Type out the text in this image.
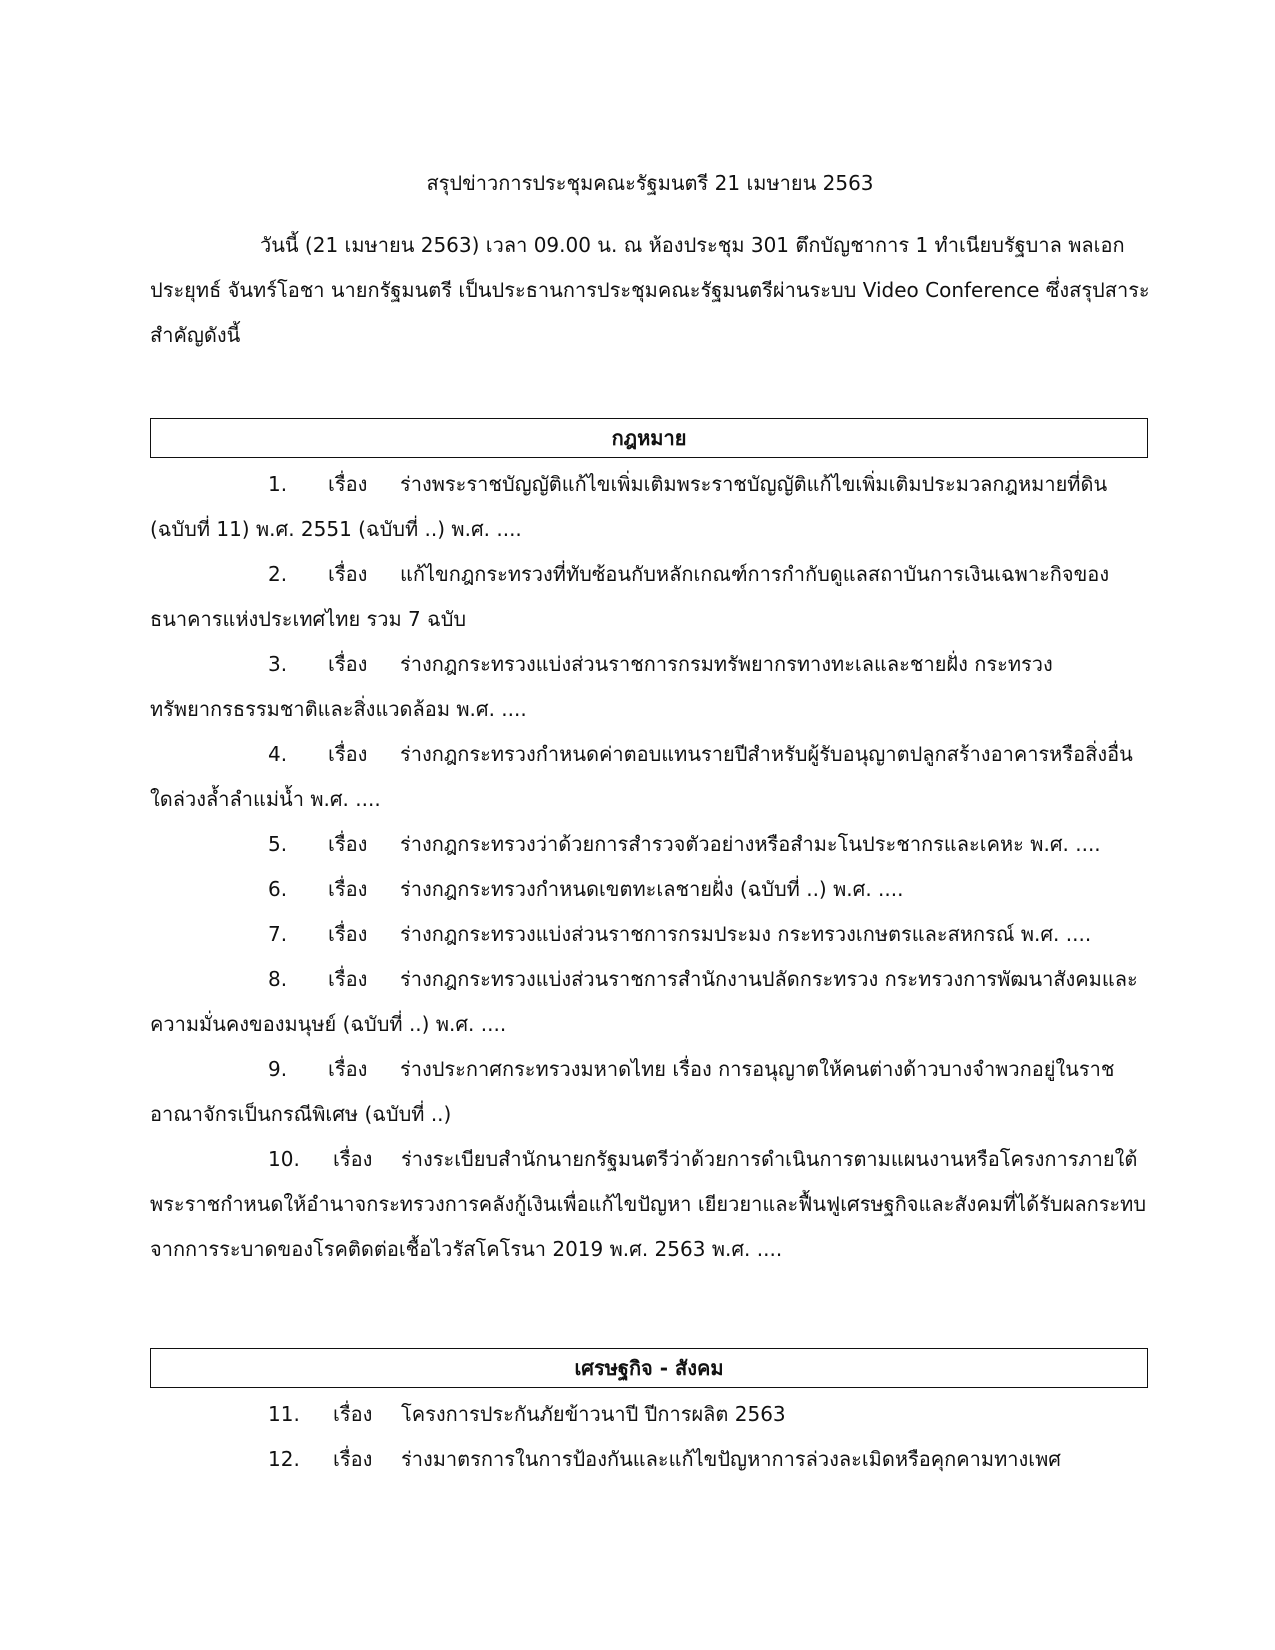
สรุปข่าวการประชุมคณะรัฐมนตรี 21 เมษายน 2563
วันนี้ (21 เมษายน 2563) เวลา 09.00 น. ณ ห้องประชุม 301 ตึกบัญชาการ 1 ทำเนียบรัฐบาล พลเอก ประยุทธ์ จันทร์โอชา นายกรัฐมนตรี เป็นประธานการประชุมคณะรัฐมนตรีผ่านระบบ Video Conference ซึ่งสรุปสาระสำคัญดังนี้
กฎหมาย
1. เรื่อง ร่างพระราชบัญญัติแก้ไขเพิ่มเติมพระราชบัญญัติแก้ไขเพิ่มเติมประมวลกฎหมายที่ดิน (ฉบับที่ 11) พ.ศ. 2551 (ฉบับที่ ..) พ.ศ. ....
2. เรื่อง แก้ไขกฎกระทรวงที่ทับซ้อนกับหลักเกณฑ์การกำกับดูแลสถาบันการเงินเฉพาะกิจของธนาคารแห่งประเทศไทย รวม 7 ฉบับ
3. เรื่อง ร่างกฎกระทรวงแบ่งส่วนราชการกรมทรัพยากรทางทะเลและชายฝั่ง กระทรวงทรัพยากรธรรมชาติและสิ่งแวดล้อม พ.ศ. ....
4. เรื่อง ร่างกฎกระทรวงกำหนดค่าตอบแทนรายปีสำหรับผู้รับอนุญาตปลูกสร้างอาคารหรือสิ่งอื่นใดล่วงล้ำลำแม่น้ำ พ.ศ. ....
5. เรื่อง ร่างกฎกระทรวงว่าด้วยการสำรวจตัวอย่างหรือสำมะโนประชากรและเคหะ พ.ศ. ....
6. เรื่อง ร่างกฎกระทรวงกำหนดเขตทะเลชายฝั่ง (ฉบับที่ ..) พ.ศ. ....
7. เรื่อง ร่างกฎกระทรวงแบ่งส่วนราชการกรมประมง กระทรวงเกษตรและสหกรณ์ พ.ศ. ....
8. เรื่อง ร่างกฎกระทรวงแบ่งส่วนราชการสำนักงานปลัดกระทรวง กระทรวงการพัฒนาสังคมและความมั่นคงของมนุษย์ (ฉบับที่ ..) พ.ศ. ....
9. เรื่อง ร่างประกาศกระทรวงมหาดไทย เรื่อง การอนุญาตให้คนต่างด้าวบางจำพวกอยู่ในราชอาณาจักรเป็นกรณีพิเศษ (ฉบับที่ ..)
10. เรื่อง ร่างระเบียบสำนักนายกรัฐมนตรีว่าด้วยการดำเนินการตามแผนงานหรือโครงการภายใต้พระราชกำหนดให้อำนาจกระทรวงการคลังกู้เงินเพื่อแก้ไขปัญหา เยียวยาและฟื้นฟูเศรษฐกิจและสังคมที่ได้รับผลกระทบจากการระบาดของโรคติดต่อเชื้อไวรัสโคโรนา 2019 พ.ศ. 2563 พ.ศ. ....
เศรษฐกิจ - สังคม
11. เรื่อง โครงการประกันภัยข้าวนาปี ปีการผลิต 2563
12. เรื่อง ร่างมาตรการในการป้องกันและแก้ไขปัญหาการล่วงละเมิดหรือคุกคามทางเพศ
